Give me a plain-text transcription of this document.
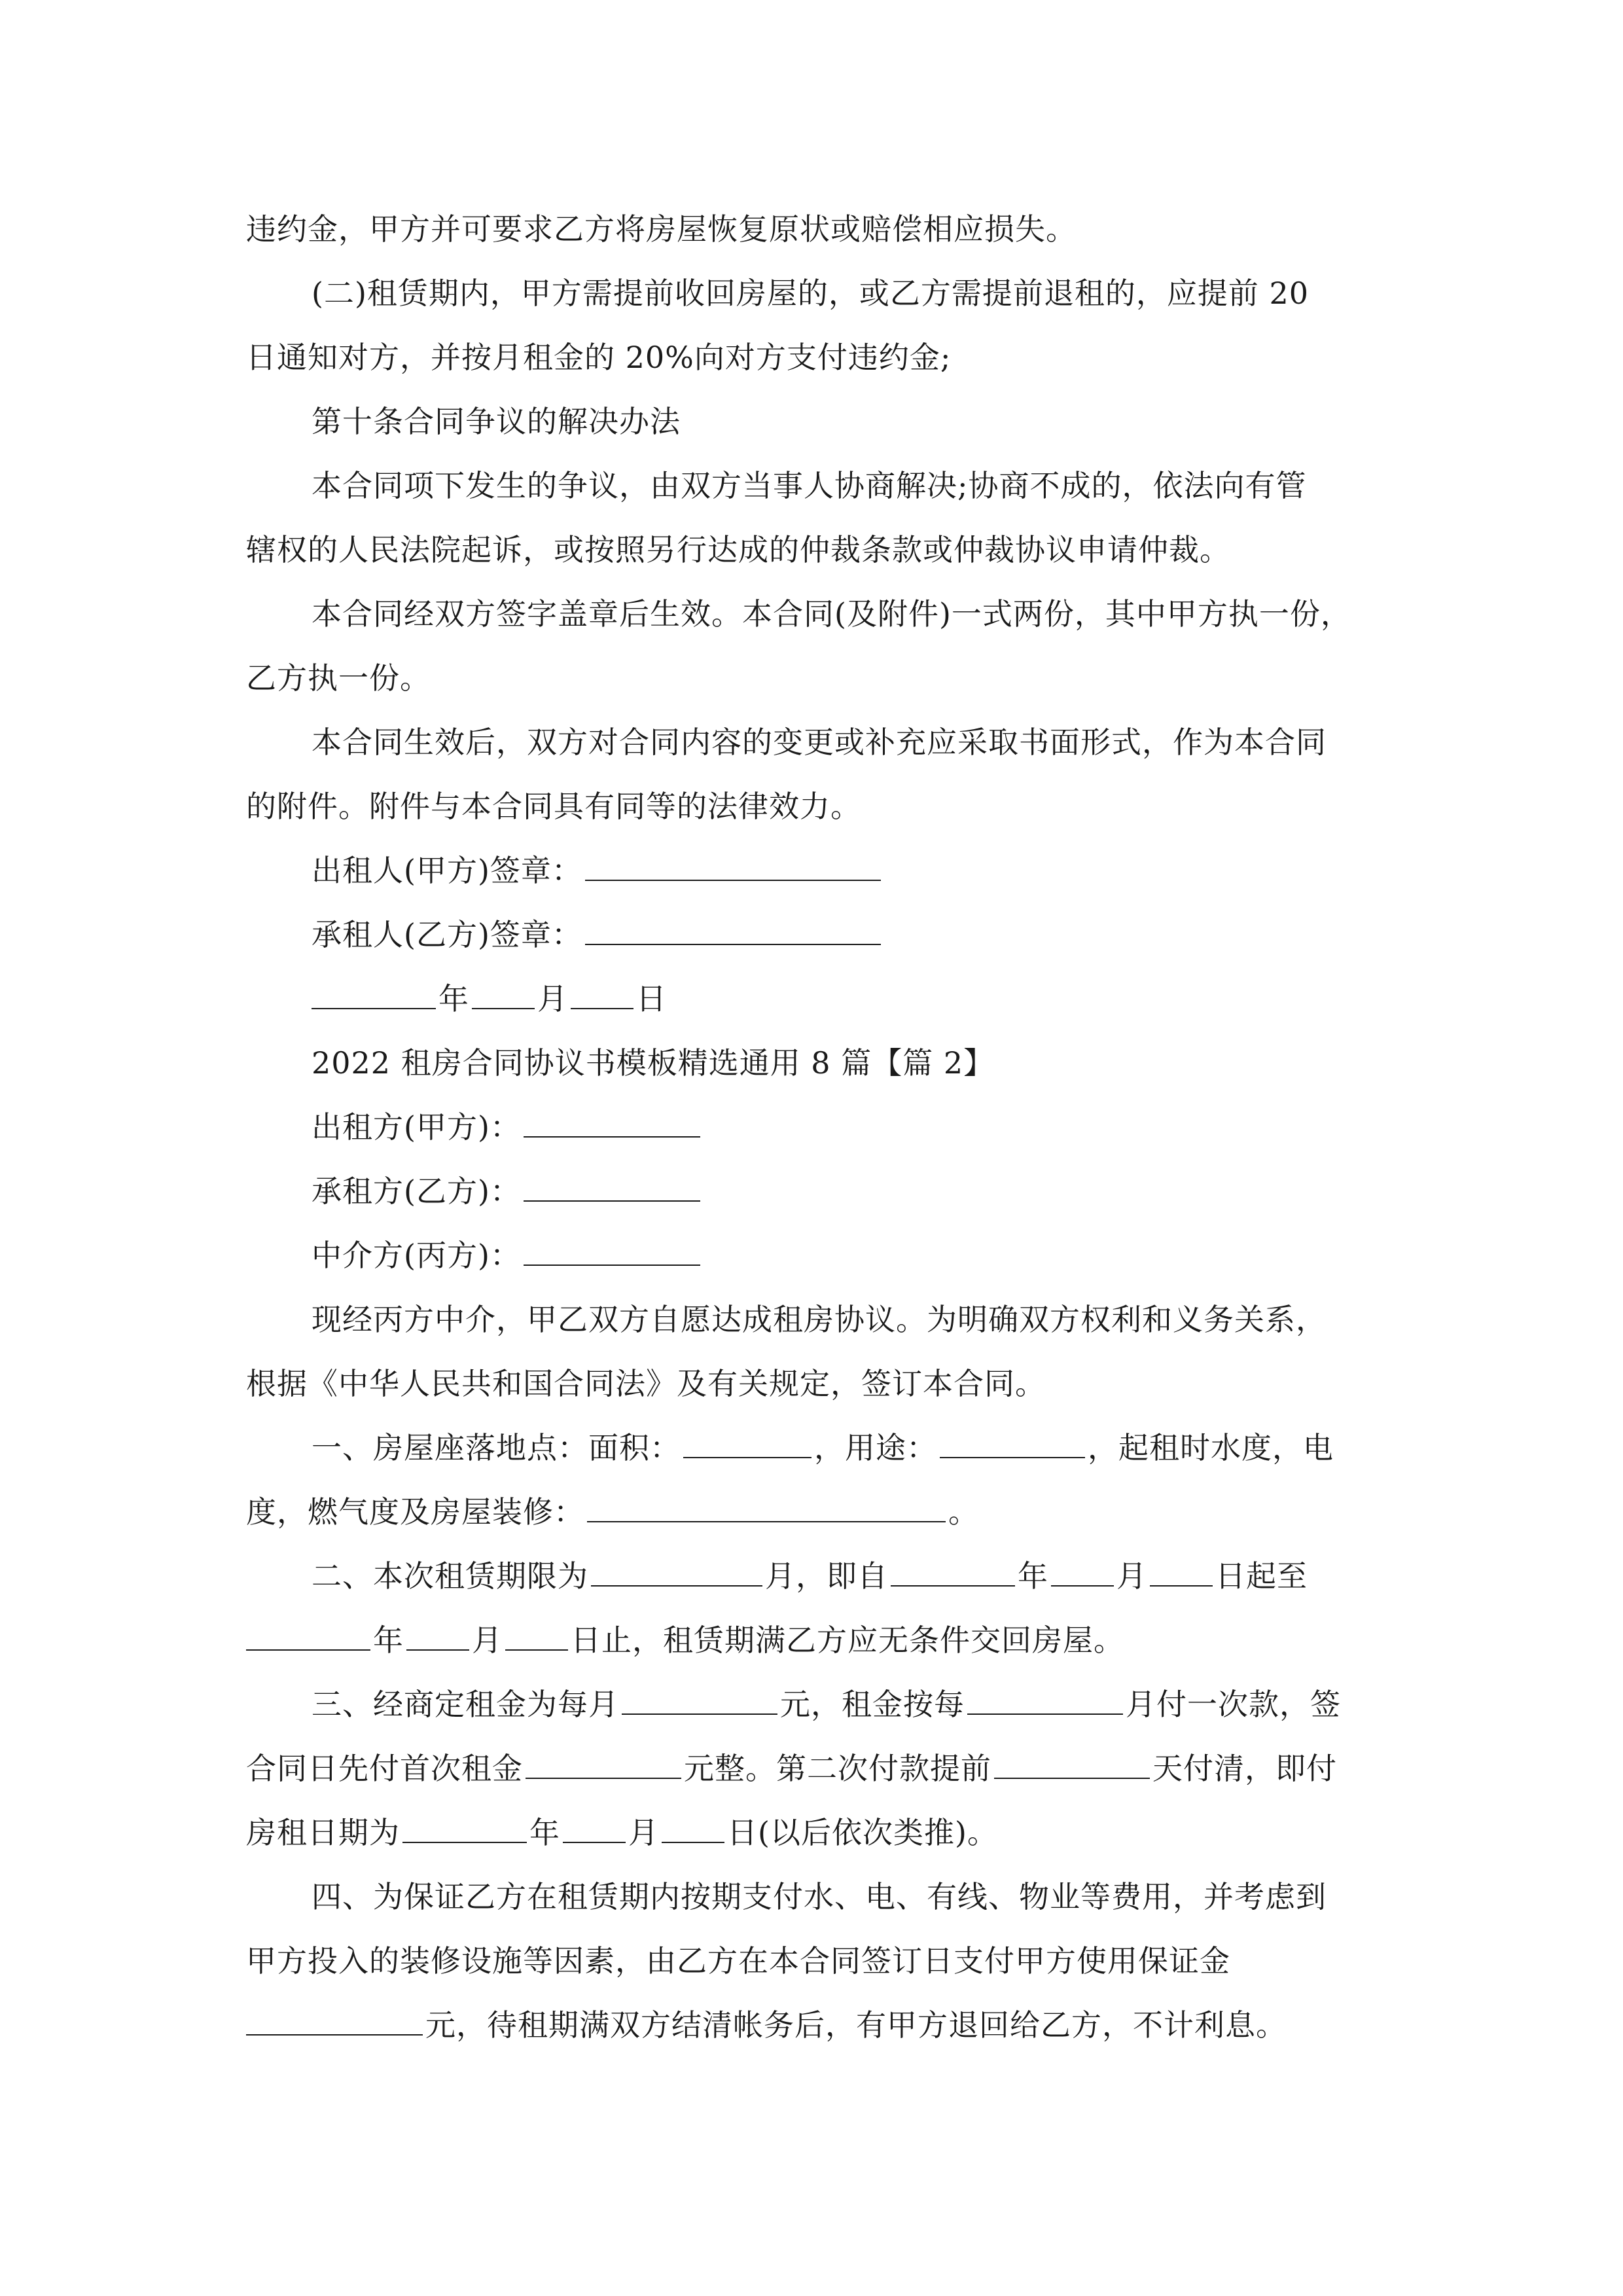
违约金，甲方并可要求乙方将房屋恢复原状或赔偿相应损失。
(二)租赁期内，甲方需提前收回房屋的，或乙方需提前退租的，应提前 20
日通知对方，并按月租金的 20%向对方支付违约金;
第十条合同争议的解决办法
本合同项下发生的争议，由双方当事人协商解决;协商不成的，依法向有管
辖权的人民法院起诉，或按照另行达成的仲裁条款或仲裁协议申请仲裁。
本合同经双方签字盖章后生效。本合同(及附件)一式两份，其中甲方执一份，
乙方执一份。
本合同生效后，双方对合同内容的变更或补充应采取书面形式，作为本合同
的附件。附件与本合同具有同等的法律效力。
出租人(甲方)签章：
承租人(乙方)签章：
年 月 日
2022 租房合同协议书模板精选通用 8 篇【篇 2】
出租方(甲方)：
承租方(乙方)：
中介方(丙方)：
现经丙方中介，甲乙双方自愿达成租房协议。为明确双方权利和义务关系，
根据《中华人民共和国合同法》及有关规定，签订本合同。
一、房屋座落地点：面积：	，用途：	，起租时水度，电
度，燃气度及房屋装修：	。
二、本次租赁期限为	月，即自	年 月 日起至
年 月 日止，租赁期满乙方应无条件交回房屋。
三、经商定租金为每月	元，租金按每	月付一次款，签
合同日先付首次租金	元整。第二次付款提前	天付清，即付
房租日期为	年 月 日(以后依次类推)。
四、为保证乙方在租赁期内按期支付水、电、有线、物业等费用，并考虑到
甲方投入的装修设施等因素，由乙方在本合同签订日支付甲方使用保证金
元，待租期满双方结清帐务后，有甲方退回给乙方，不计利息。
